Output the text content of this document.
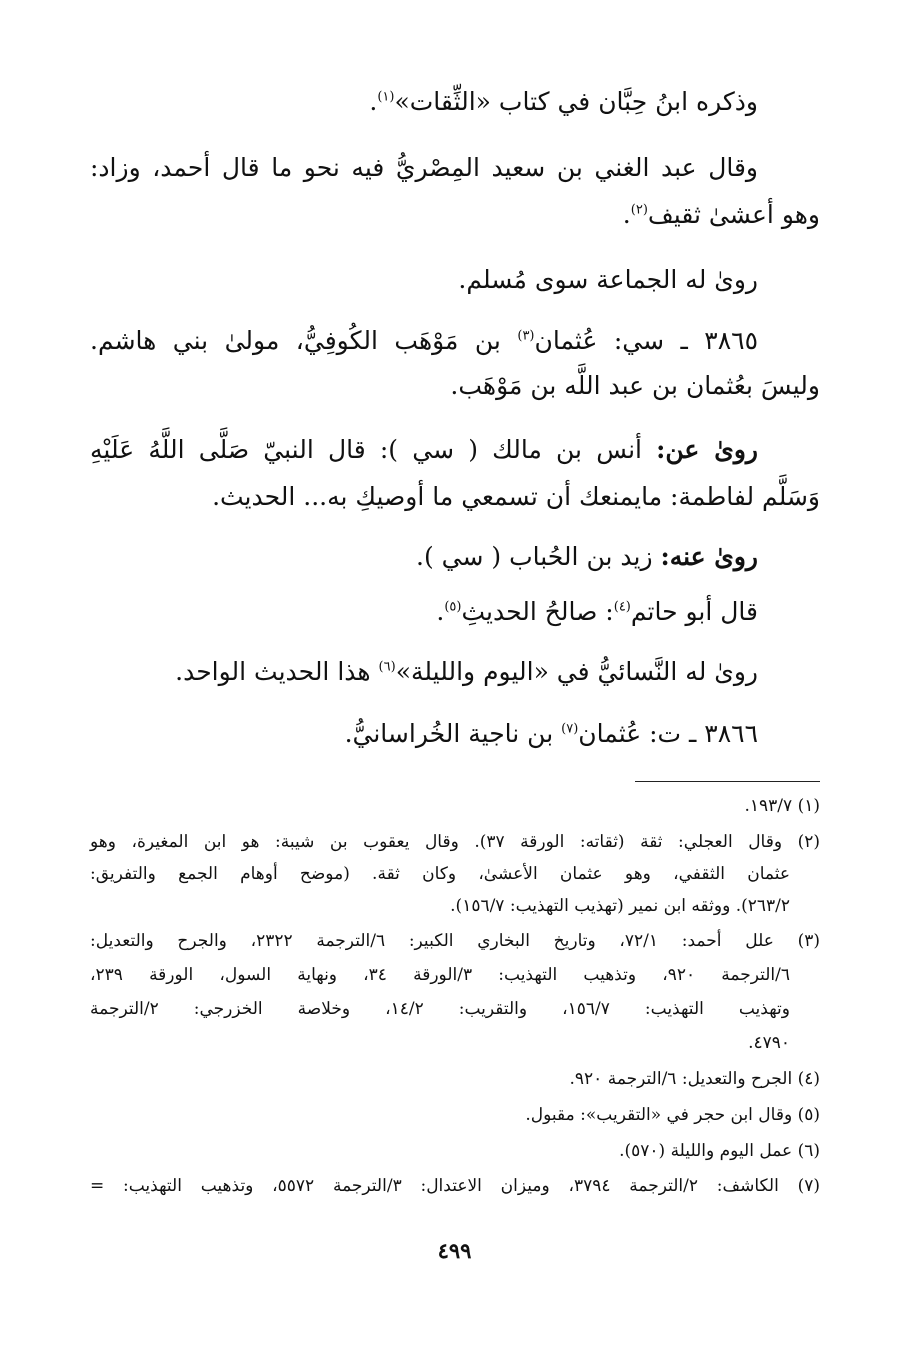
وذكره ابنُ حِبَّان في كتاب «الثِّقات»$^{(١)}$.
وقال عبد الغني بن سعيد المِصْريُّ فيه نحو ما قال أحمد، وزاد:
وهو أعشىٰ ثقيف$^{(٢)}$.
روىٰ له الجماعة سوى مُسلم.
٣٨٦٥ ـ سي: عُثمان$^{(٣)}$ بن مَوْهَب الكُوفِيُّ، مولىٰ بني هاشم.
وليسَ بعُثمان بن عبد اللَّه بن مَوْهَب.
روىٰ عن: أنس بن مالك ( سي ): قال النبيّ صَلَّى اللَّهُ عَلَيْهِ
وَسَلَّم لفاطمة: مايمنعك أن تسمعي ما أوصيكِ به... الحديث.
روىٰ عنه: زيد بن الحُباب ( سي ).
قال أبو حاتم$^{(٤)}$: صالحُ الحديثِ$^{(٥)}$.
روىٰ له النَّسائيُّ في «اليوم والليلة»$^{(٦)}$ هذا الحديث الواحد.
٣٨٦٦ ـ ت: عُثمان$^{(٧)}$ بن ناجية الخُراسانيُّ.
(١) ١٩٣/٧.
(٢) وقال العجلي: ثقة (ثقاته: الورقة ٣٧). وقال يعقوب بن شيبة: هو ابن المغيرة، وهو
عثمان الثقفي، وهو عثمان الأعشىٰ، وكان ثقة. (موضح أوهام الجمع والتفريق:
٢٦٣/٢). ووثقه ابن نمير (تهذيب التهذيب: ١٥٦/٧).
(٣) علل أحمد: ٧٢/١، وتاريخ البخاري الكبير: ٦/الترجمة ٢٣٢٢، والجرح والتعديل:
٦/الترجمة ٩٢٠، وتذهيب التهذيب: ٣/الورقة ٣٤، ونهاية السول، الورقة ٢٣٩،
وتهذيب التهذيب: ١٥٦/٧، والتقريب: ١٤/٢، وخلاصة الخزرجي: ٢/الترجمة
٤٧٩٠.
(٤) الجرح والتعديل: ٦/الترجمة ٩٢٠.
(٥) وقال ابن حجر في «التقريب»: مقبول.
(٦) عمل اليوم والليلة (٥٧٠).
(٧) الكاشف: ٢/الترجمة ٣٧٩٤، وميزان الاعتدال: ٣/الترجمة ٥٥٧٢، وتذهيب التهذيب: =
٤٩٩
